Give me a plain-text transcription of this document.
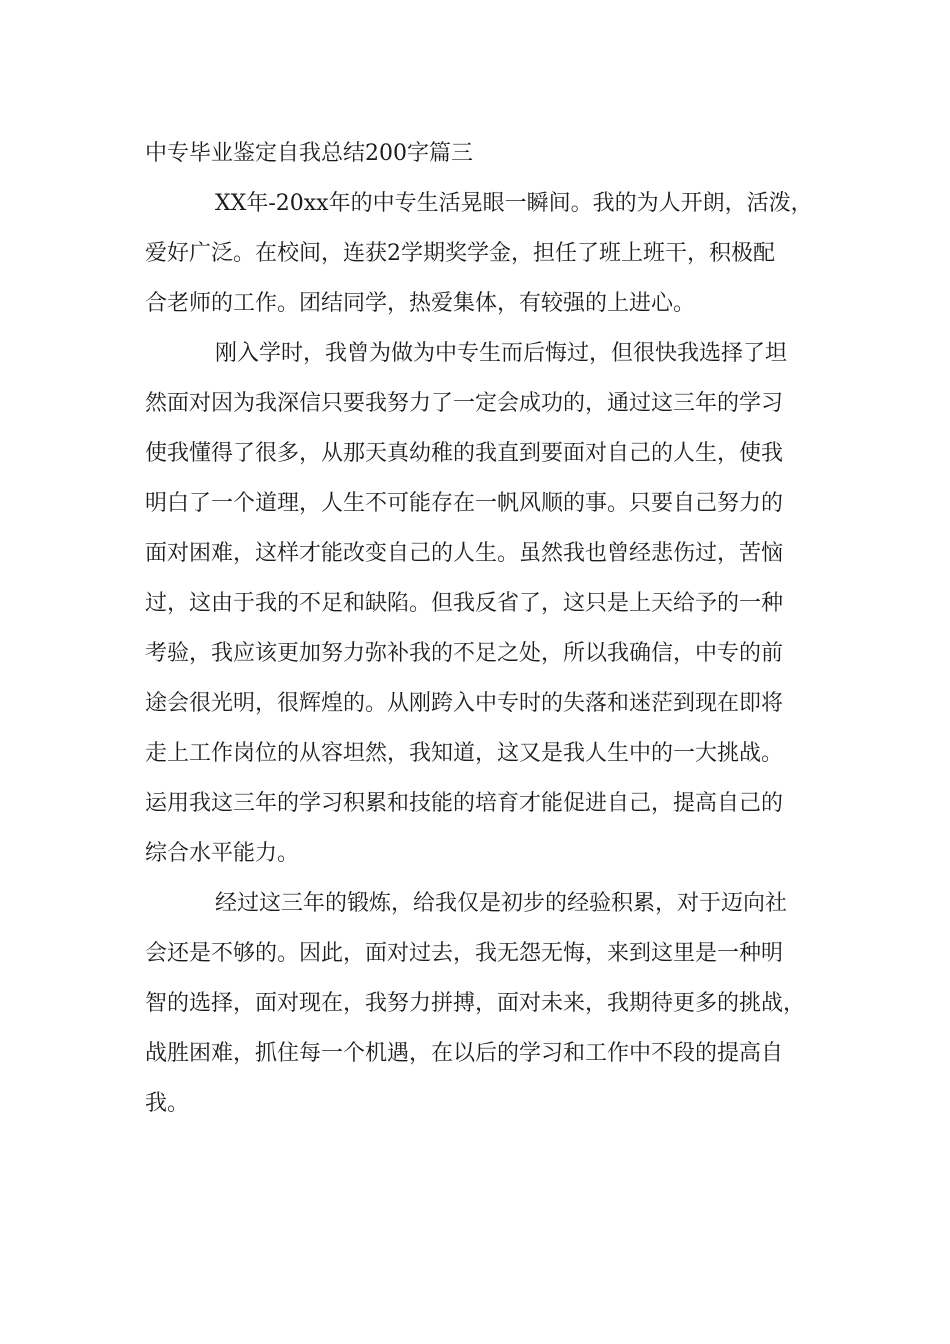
中专毕业鉴定自我总结200字篇三
XX年-20xx年的中专生活晃眼一瞬间。我的为人开朗，活泼，
爱好广泛。在校间，连获2学期奖学金，担任了班上班干，积极配
合老师的工作。团结同学，热爱集体，有较强的上进心。
刚入学时，我曾为做为中专生而后悔过，但很快我选择了坦
然面对因为我深信只要我努力了一定会成功的，通过这三年的学习
使我懂得了很多，从那天真幼稚的我直到要面对自己的人生，使我
明白了一个道理，人生不可能存在一帆风顺的事。只要自己努力的
面对困难，这样才能改变自己的人生。虽然我也曾经悲伤过，苦恼
过，这由于我的不足和缺陷。但我反省了，这只是上天给予的一种
考验，我应该更加努力弥补我的不足之处，所以我确信，中专的前
途会很光明，很辉煌的。从刚跨入中专时的失落和迷茫到现在即将
走上工作岗位的从容坦然，我知道，这又是我人生中的一大挑战。
运用我这三年的学习积累和技能的培育才能促进自己，提高自己的
综合水平能力。
经过这三年的锻炼，给我仅是初步的经验积累，对于迈向社
会还是不够的。因此，面对过去，我无怨无悔，来到这里是一种明
智的选择，面对现在，我努力拼搏，面对未来，我期待更多的挑战，
战胜困难，抓住每一个机遇，在以后的学习和工作中不段的提高自
我。
